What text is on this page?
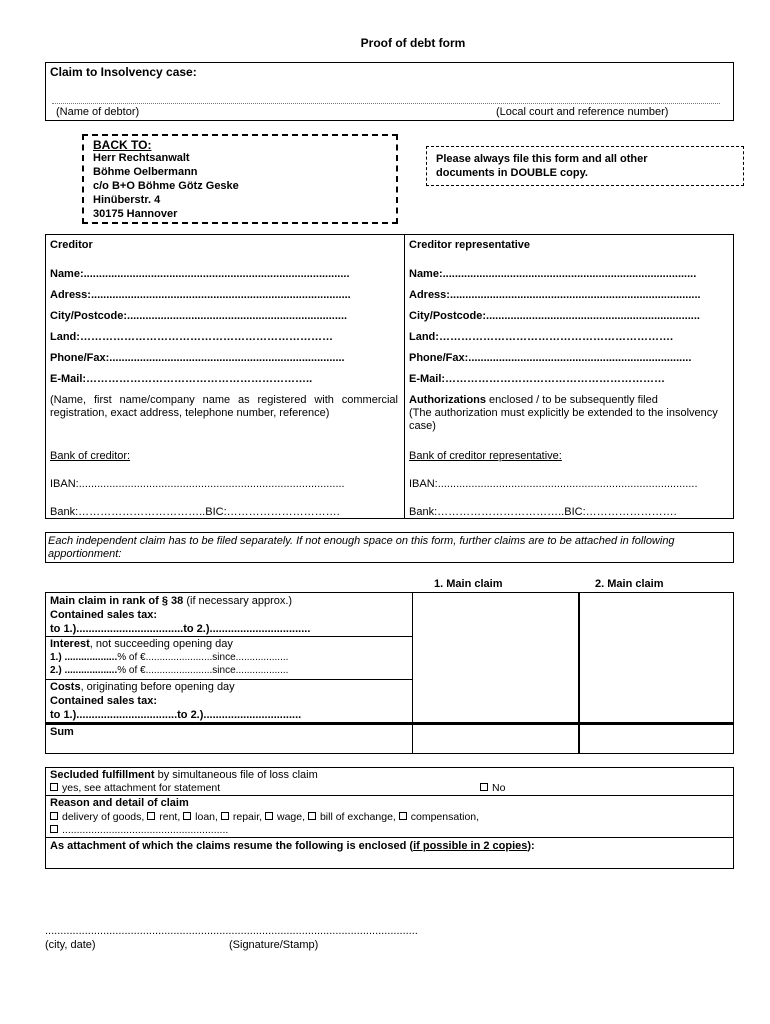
Proof of debt form
Claim to Insolvency case:
(Name of debtor)	(Local court and reference number)
BACK TO:
Herr Rechtsanwalt
Böhme Oelbermann
c/o B+O Böhme Götz Geske
Hinüberstr. 4
30175 Hannover
Please always file this form and all other
documents in DOUBLE copy.
Creditor
Name:.......................................................................................
Adress:.....................................................................................
City/Postcode:........................................................................
Land:……………………………………………………………
Phone/Fax:.............................................................................
E-Mail:……………………………………………………..
(Name, first name/company name as registered with commercial registration, exact address, telephone number, reference)
Bank of creditor:
IBAN:.......................................................................................
Bank:……………………………..BIC:………………………….
Creditor representative
Name:...................................................................................
Adress:..................................................................................
City/Postcode:......................................................................
Land:……………………………………………………….
Phone/Fax:.........................................................................
E-Mail:……………………………………………………
Authorizations enclosed / to be subsequently filed
(The authorization must explicitly be extended to the insolvency case)
Bank of creditor representative:
IBAN:.....................................................................................
Bank:……………………………..BIC:…………………….
Each independent claim has to be filed separately. If not enough space on this form, further claims are to be attached in following apportionment:
1. Main claim	2. Main claim
Main claim in rank of § 38 (if necessary approx.)
Contained sales tax:
to 1.)...................................to 2.).................................
Interest, not succeeding opening day
1.) ...................% of €........................since...................
2.) ...................% of €........................since...................
Costs, originating before opening day
Contained sales tax:
to 1.).................................to 2.)................................
Sum
Secluded fulfillment by simultaneous file of loss claim
yes, see attachment for statement	No
Reason and detail of claim
delivery of goods, rent, loan, repair, wage, bill of exchange, compensation,
.........................................................
As attachment of which the claims resume the following is enclosed (if possible in 2 copies):
..........................................................................................................................
(city, date)	(Signature/Stamp)
